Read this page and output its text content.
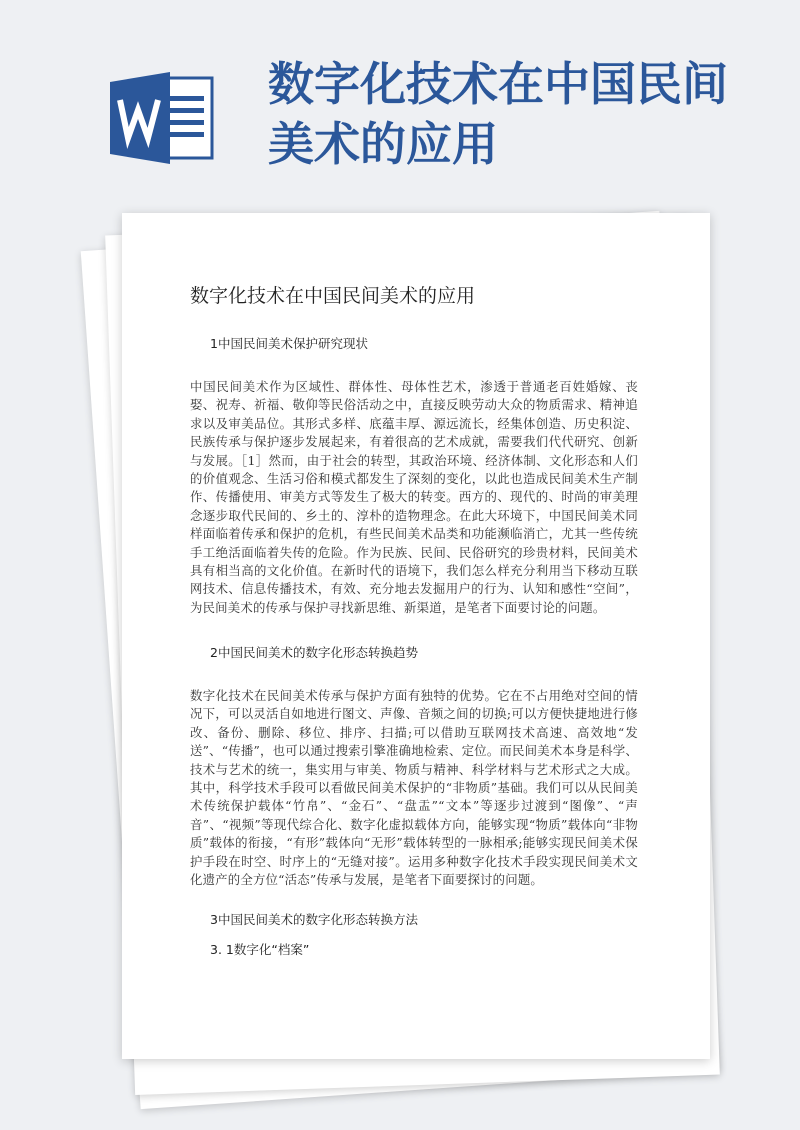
数字化技术在中国民间美术的应用
数字化技术在中国民间美术的应用

1中国民间美术保护研究现状

中国民间美术作为区域性、群体性、母体性艺术，渗透于普通老百姓婚嫁、丧娶、祝寿、祈福、敬仰等民俗活动之中，直接反映劳动大众的物质需求、精神追求以及审美品位。其形式多样、底蕴丰厚、源远流长，经集体创造、历史积淀、民族传承与保护逐步发展起来，有着很高的艺术成就，需要我们代代研究、创新与发展。［1］然而，由于社会的转型，其政治环境、经济体制、文化形态和人们的价值观念、生活习俗和模式都发生了深刻的变化，以此也造成民间美术生产制作、传播使用、审美方式等发生了极大的转变。西方的、现代的、时尚的审美理念逐步取代民间的、乡土的、淳朴的造物理念。在此大环境下，中国民间美术同样面临着传承和保护的危机，有些民间美术品类和功能濒临消亡，尤其一些传统手工绝活面临着失传的危险。作为民族、民间、民俗研究的珍贵材料，民间美术具有相当高的文化价值。在新时代的语境下，我们怎么样充分利用当下移动互联网技术、信息传播技术，有效、充分地去发掘用户的行为、认知和感性“空间”，为民间美术的传承与保护寻找新思维、新渠道，是笔者下面要讨论的问题。

2中国民间美术的数字化形态转换趋势

数字化技术在民间美术传承与保护方面有独特的优势。它在不占用绝对空间的情况下，可以灵活自如地进行图文、声像、音频之间的切换;可以方便快捷地进行修改、备份、删除、移位、排序、扫描;可以借助互联网技术高速、高效地“发送”、“传播”，也可以通过搜索引擎准确地检索、定位。而民间美术本身是科学、技术与艺术的统一，集实用与审美、物质与精神、科学材料与艺术形式之大成。其中，科学技术手段可以看做民间美术保护的“非物质”基础。我们可以从民间美术传统保护载体“竹帛”、“金石”、“盘盂”“文本”等逐步过渡到“图像”、“声音”、“视频”等现代综合化、数字化虚拟载体方向，能够实现“物质”载体向“非物质”载体的衔接，“有形”载体向“无形”载体转型的一脉相承;能够实现民间美术保护手段在时空、时序上的“无缝对接”。运用多种数字化技术手段实现民间美术文化遗产的全方位“活态”传承与发展，是笔者下面要探讨的问题。

3中国民间美术的数字化形态转换方法

3. 1数字化“档案”
